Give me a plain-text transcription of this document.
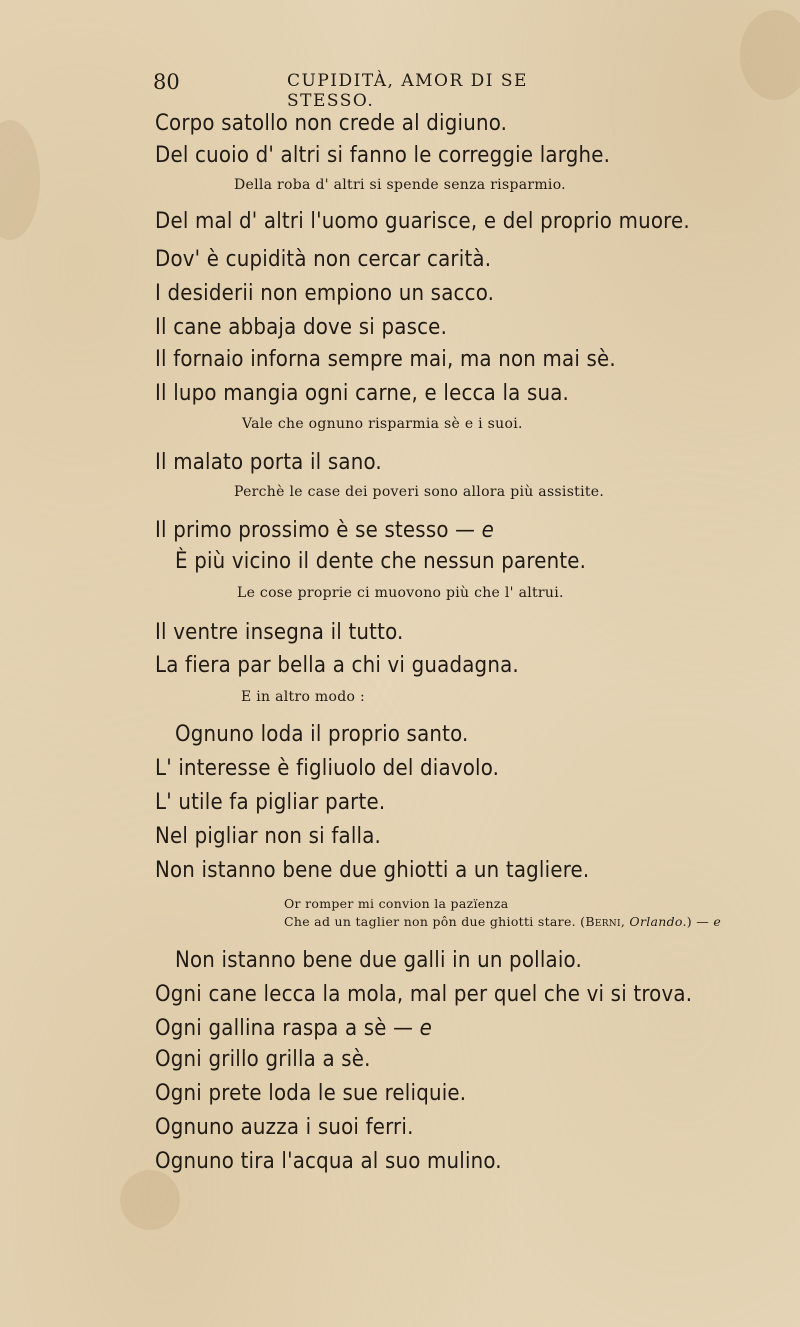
80	CUPIDITÀ, AMOR DI SE STESSO.
Corpo satollo non crede al digiuno.
Del cuoio d' altri si fanno le correggie larghe.
Della roba d' altri si spende senza risparmio.
Del mal d' altri l'uomo guarisce, e del proprio muore.
Dov' è cupidità non cercar carità.
I desiderii non empiono un sacco.
Il cane abbaja dove si pasce.
Il fornaio inforna sempre mai, ma non mai sè.
Il lupo mangia ogni carne, e lecca la sua.
Vale che ognuno risparmia sè e i suoi.
Il malato porta il sano.
Perchè le case dei poveri sono allora più assistite.
Il primo prossimo è se stesso — e
È più vicino il dente che nessun parente.
Le cose proprie ci muovono più che l' altrui.
Il ventre insegna il tutto.
La fiera par bella a chi vi guadagna.
E in altro modo :
Ognuno loda il proprio santo.
L' interesse è figliuolo del diavolo.
L' utile fa pigliar parte.
Nel pigliar non si falla.
Non istanno bene due ghiotti a un tagliere.
Or romper mi convion la pazïenza
Che ad un taglier non pôn due ghiotti stare. (Berni, Orlando.) — e
Non istanno bene due galli in un pollaio.
Ogni cane lecca la mola, mal per quel che vi si trova.
Ogni gallina raspa a sè — e
Ogni grillo grilla a sè.
Ogni prete loda le sue reliquie.
Ognuno auzza i suoi ferri.
Ognuno tira l'acqua al suo mulino.
